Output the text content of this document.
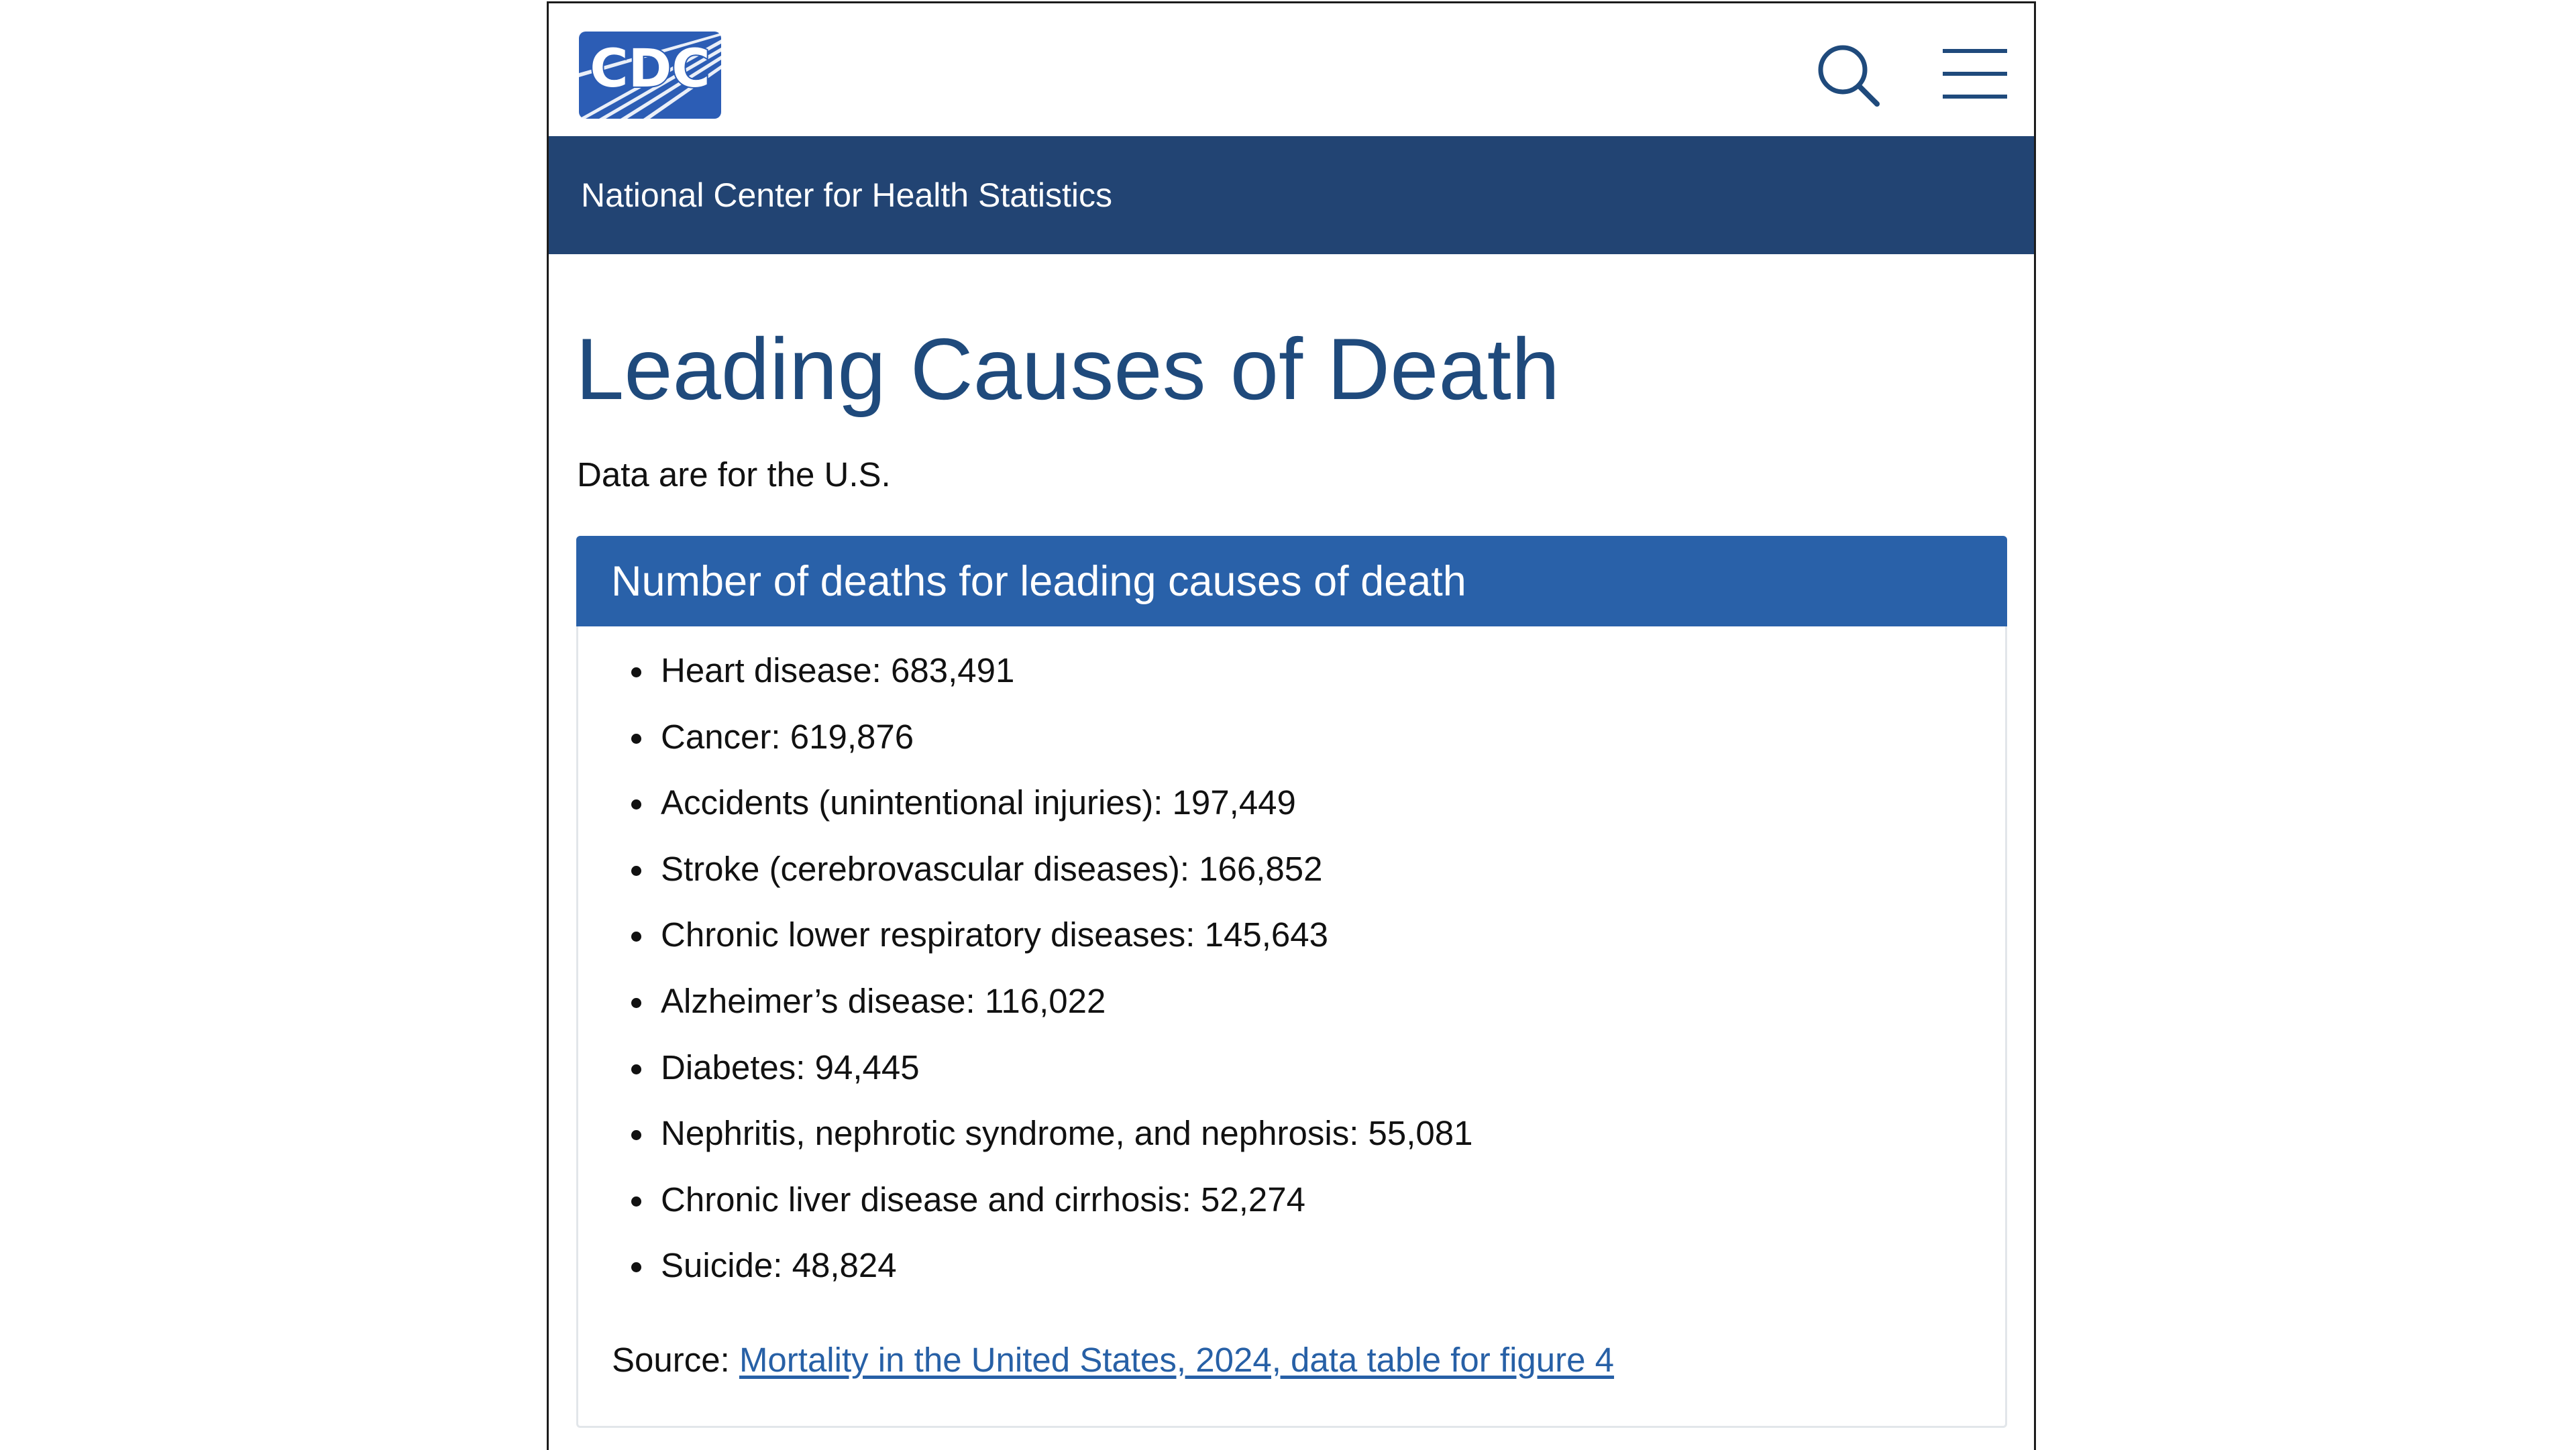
CDC
National Center for Health Statistics
Leading Causes of Death
Data are for the U.S.
Number of deaths for leading causes of death
Heart disease: 683,491
Cancer: 619,876
Accidents (unintentional injuries): 197,449
Stroke (cerebrovascular diseases): 166,852
Chronic lower respiratory diseases: 145,643
Alzheimer’s disease: 116,022
Diabetes: 94,445
Nephritis, nephrotic syndrome, and nephrosis: 55,081
Chronic liver disease and cirrhosis: 52,274
Suicide: 48,824
Source: Mortality in the United States, 2024, data table for figure 4
